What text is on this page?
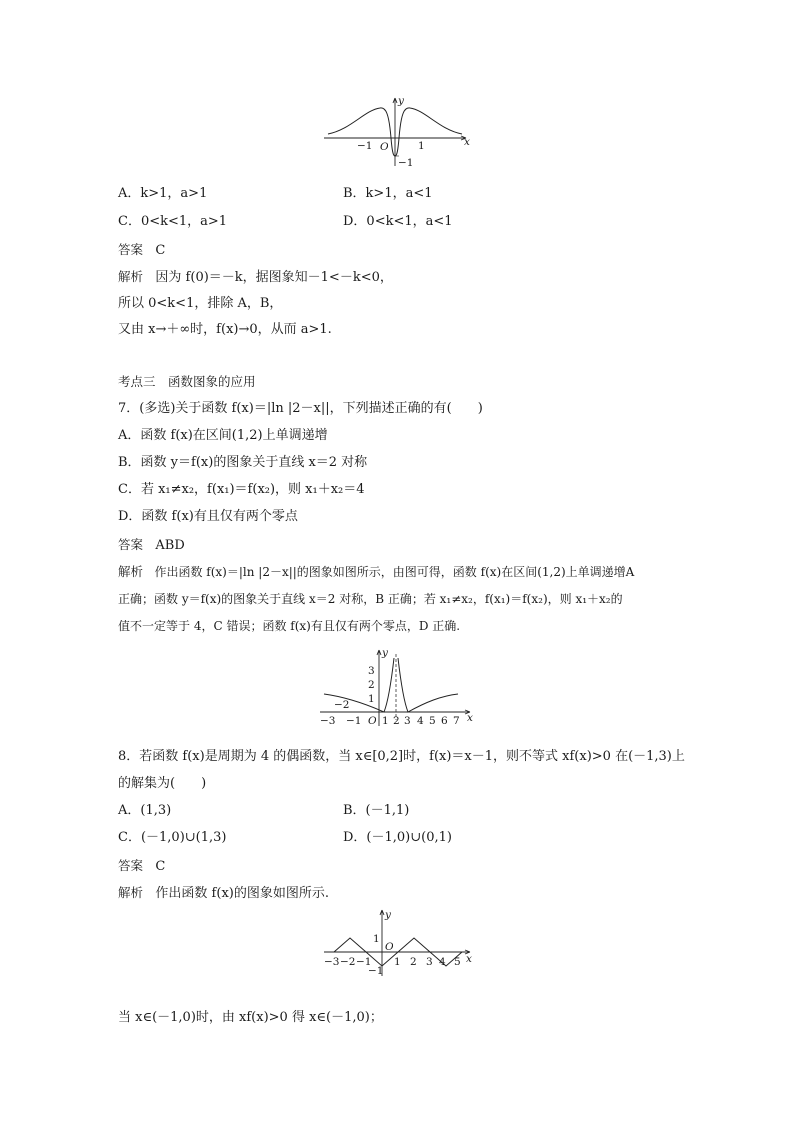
y
x
O
−1	1
−1
A．k>1，a>1	B．k>1，a<1
C．0<k<1，a>1	D．0<k<1，a<1
答案 C
解析 因为 f(0)＝－k，据图象知－1<－k<0，
所以 0<k<1，排除 A，B，
又由 x→＋∞时，f(x)→0，从而 a>1.
考点三　函数图象的应用
7．(多选)关于函数 f(x)＝|ln |2－x||，下列描述正确的有(　　)
A．函数 f(x)在区间(1,2)上单调递增
B．函数 y＝f(x)的图象关于直线 x＝2 对称
C．若 x₁≠x₂，f(x₁)＝f(x₂)，则 x₁＋x₂＝4
D．函数 f(x)有且仅有两个零点
答案 ABD
解析 作出函数 f(x)＝|ln |2－x||的图象如图所示，由图可得，函数 f(x)在区间(1,2)上单调递增A
正确；函数 y＝f(x)的图象关于直线 x＝2 对称，B 正确；若 x₁≠x₂，f(x₁)＝f(x₂)，则 x₁＋x₂的
值不一定等于 4，C 错误；函数 f(x)有且仅有两个零点，D 正确.
y
x
3
2
1
−2
−3 −1 O 1 2 3 4 5 6 7
8．若函数 f(x)是周期为 4 的偶函数，当 x∈[0,2]时，f(x)＝x－1，则不等式 xf(x)>0 在(－1,3)上
的解集为(　　)
A．(1,3)	B．(－1,1)
C．(－1,0)∪(1,3)	D．(－1,0)∪(0,1)
答案 C
解析 作出函数 f(x)的图象如图所示.
y
x
1
O
−1
−3 −2 −1 1 2 3 4 5
当 x∈(－1,0)时，由 xf(x)>0 得 x∈(－1,0)；
